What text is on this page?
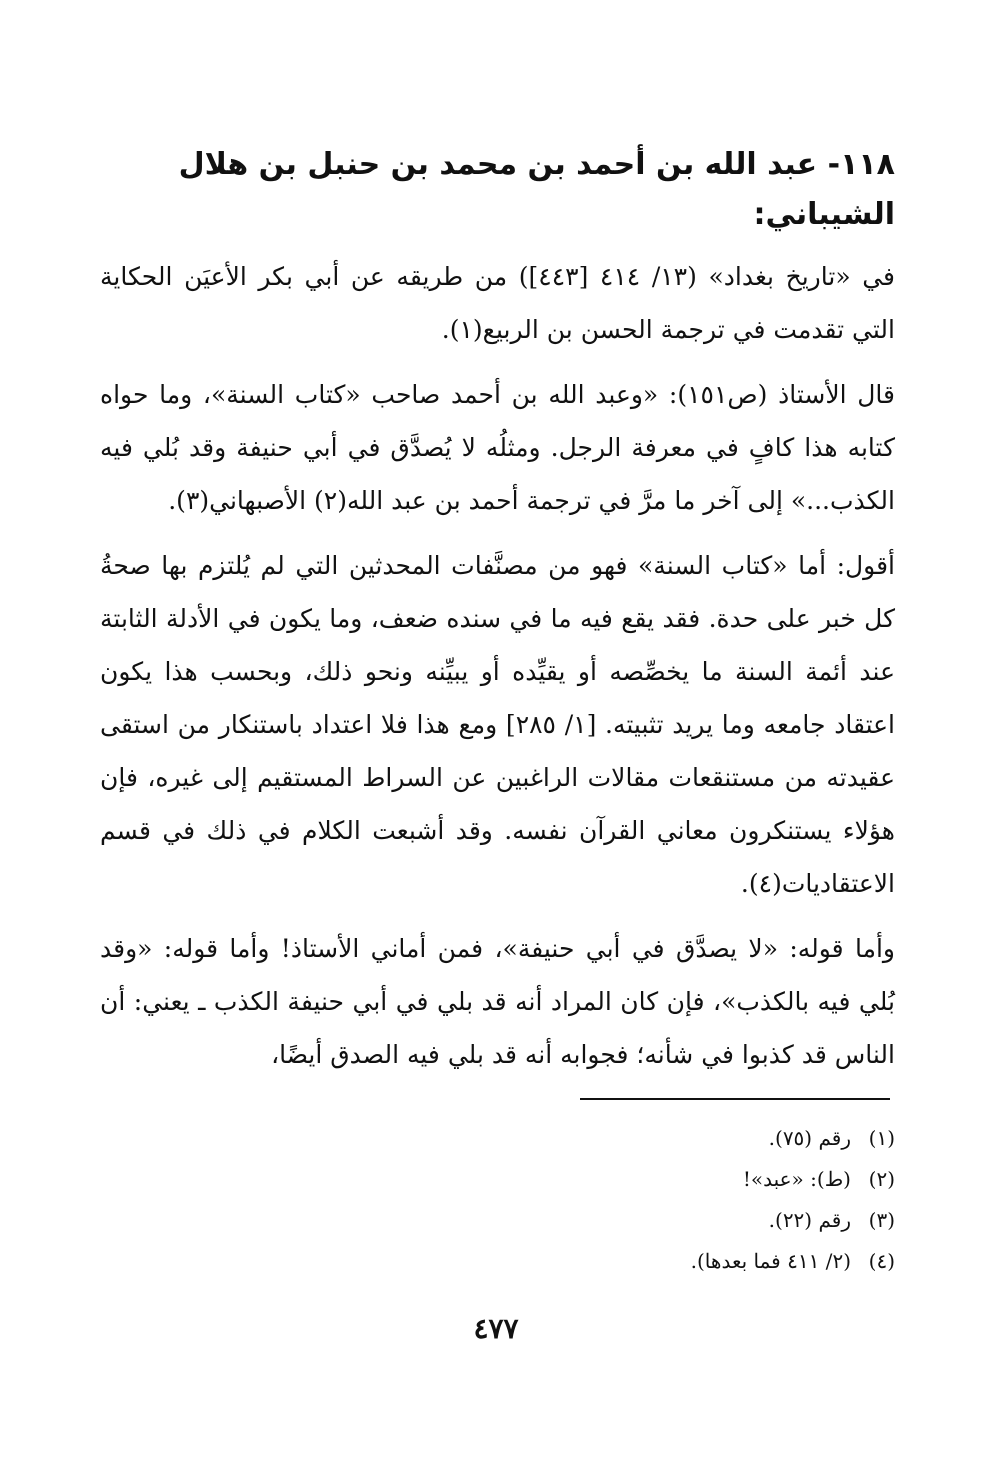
١١٨- عبد الله بن أحمد بن محمد بن حنبل بن هلال الشيباني:

في «تاريخ بغداد» (١٣/ ٤١٤ [٤٤٣]) من طريقه عن أبي بكر الأعيَن الحكاية التي تقدمت في ترجمة الحسن بن الربيع(١).

قال الأستاذ (ص١٥١): «وعبد الله بن أحمد صاحب «كتاب السنة»، وما حواه كتابه هذا كافٍ في معرفة الرجل. ومثلُه لا يُصدَّق في أبي حنيفة وقد بُلي فيه الكذب...» إلى آخر ما مرَّ في ترجمة أحمد بن عبد الله(٢) الأصبهاني(٣).

أقول: أما «كتاب السنة» فهو من مصنَّفات المحدثين التي لم يُلتزم بها صحةُ كل خبر على حدة. فقد يقع فيه ما في سنده ضعف، وما يكون في الأدلة الثابتة عند أئمة السنة ما يخصِّصه أو يقيِّده أو يبيِّنه ونحو ذلك، وبحسب هذا يكون اعتقاد جامعه وما يريد تثبيته. [١/ ٢٨٥] ومع هذا فلا اعتداد باستنكار من استقى عقيدته من مستنقعات مقالات الراغبين عن السراط المستقيم إلى غيره، فإن هؤلاء يستنكرون معاني القرآن نفسه. وقد أشبعت الكلام في ذلك في قسم الاعتقاديات(٤).

وأما قوله: «لا يصدَّق في أبي حنيفة»، فمن أماني الأستاذ! وأما قوله: «وقد بُلي فيه بالكذب»، فإن كان المراد أنه قد بلي في أبي حنيفة الكذب ـ يعني: أن الناس قد كذبوا في شأنه؛ فجوابه أنه قد بلي فيه الصدق أيضًا،

(١)رقم (٧٥).
(٢)(ط): «عبد»!
(٣)رقم (٢٢).
(٤)(٢/ ٤١١ فما بعدها).
٤٧٧
